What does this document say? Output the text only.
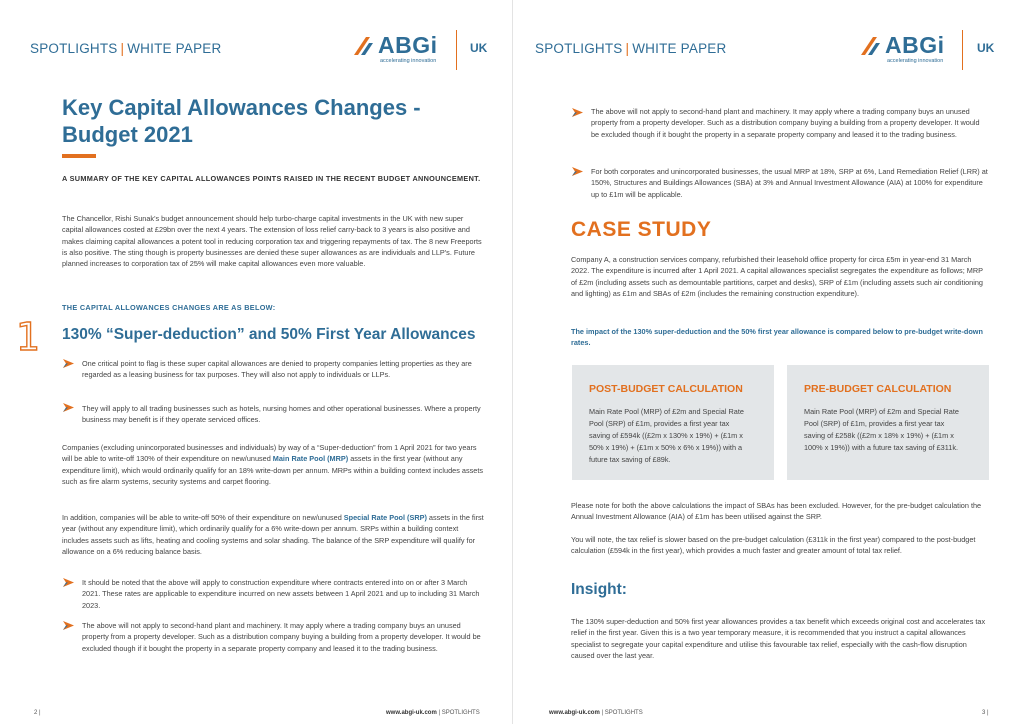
SPOTLIGHTS | WHITE PAPER	ABGi
accelerating innovation
UK
Key Capital Allowances Changes - Budget 2021
A SUMMARY OF THE KEY CAPITAL ALLOWANCES POINTS RAISED IN THE RECENT BUDGET ANNOUNCEMENT.
The Chancellor, Rishi Sunak's budget announcement should help turbo-charge capital investments in the UK with new super capital allowances costed at £29bn over the next 4 years. The extension of loss relief carry-back to 3 years is also positive and makes claiming capital allowances a potent tool in reducing corporation tax and triggering repayments of tax. The 8 new Freeports is also positive. The sting though is property businesses are denied these super allowances as are individuals and LLP's. Future planned increases to corporation tax of 25% will make capital allowances even more valuable.
THE CAPITAL ALLOWANCES CHANGES ARE AS BELOW:
1 130% “Super-deduction” and 50% First Year Allowances
One critical point to flag is these super capital allowances are denied to property companies letting properties as they are regarded as a leasing business for tax purposes. They will also not apply to individuals or LLPs.
They will apply to all trading businesses such as hotels, nursing homes and other operational businesses. Where a property business may benefit is if they operate serviced offices.
Companies (excluding unincorporated businesses and individuals) by way of a “Super-deduction” from 1 April 2021 for two years will be able to write-off 130% of their expenditure on new/unused Main Rate Pool (MRP) assets in the first year (without any expenditure limit), which would ordinarily qualify for an 18% write-down per annum. MRPs within a building context includes assets such as fire alarm systems, security systems and carpet flooring.
In addition, companies will be able to write-off 50% of their expenditure on new/unused Special Rate Pool (SRP) assets in the first year (without any expenditure limit), which ordinarily qualify for a 6% write-down per annum. SRPs within a building context includes assets such as lifts, heating and cooling systems and solar shading. The balance of the SRP expenditure will qualify for allowance on a 6% reducing balance basis.
It should be noted that the above will apply to construction expenditure where contracts entered into on or after 3 March 2021. These rates are applicable to expenditure incurred on new assets between 1 April 2021 and up to including 31 March 2023.
The above will not apply to second-hand plant and machinery. It may apply where a trading company buys an unused property from a property developer. Such as a distribution company buying a building from a property developer. It would be excluded though if it bought the property in a separate property company and leased it to the trading business.
2 |	www.abgi-uk.com | SPOTLIGHTS
SPOTLIGHTS | WHITE PAPER	ABGi
accelerating innovation
UK
The above will not apply to second-hand plant and machinery. It may apply where a trading company buys an unused property from a property developer. Such as a distribution company buying a building from a property developer. It would be excluded though if it bought the property in a separate property company and leased it to the trading business.
For both corporates and unincorporated businesses, the usual MRP at 18%, SRP at 6%, Land Remediation Relief (LRR) at 150%, Structures and Buildings Allowances (SBA) at 3% and Annual Investment Allowance (AIA) at 100% for expenditure up to £1m will be applicable.
CASE STUDY
Company A, a construction services company, refurbished their leasehold office property for circa £5m in year-end 31 March 2022. The expenditure is incurred after 1 April 2021. A capital allowances specialist segregates the expenditure as follows; MRP of £2m (including assets such as demountable partitions, carpet and desks), SRP of £1m (including assets such air conditioning and lighting) as £1m and SBAs of £2m (includes the remaining construction expenditure).
The impact of the 130% super-deduction and the 50% first year allowance is compared below to pre-budget write-down rates.
POST-BUDGET CALCULATION
Main Rate Pool (MRP) of £2m and Special Rate Pool (SRP) of £1m, provides a first year tax saving of £594k ((£2m x 130% x 19%) + (£1m x 50% x 19%) + (£1m x 50% x 6% x 19%)) with a future tax saving of £89k.
PRE-BUDGET CALCULATION
Main Rate Pool (MRP) of £2m and Special Rate Pool (SRP) of £1m, provides a first year tax saving of £258k ((£2m x 18% x 19%) + (£1m x 100% x 19%)) with a future tax saving of £311k.
Please note for both the above calculations the impact of SBAs has been excluded. However, for the pre-budget calculation the Annual Investment Allowance (AIA) of £1m has been utilised against the SRP.
You will note, the tax relief is slower based on the pre-budget calculation (£311k in the first year) compared to the post-budget calculation (£594k in the first year), which provides a much faster and greater amount of total tax relief.
Insight:
The 130% super-deduction and 50% first year allowances provides a tax benefit which exceeds original cost and accelerates tax relief in the first year. Given this is a two year temporary measure, it is recommended that you instruct a capital allowances specialist to segregate your capital expenditure and utilise this favourable tax relief, especially with the cash-flow disruption caused over the last year.
www.abgi-uk.com | SPOTLIGHTS	3 |
